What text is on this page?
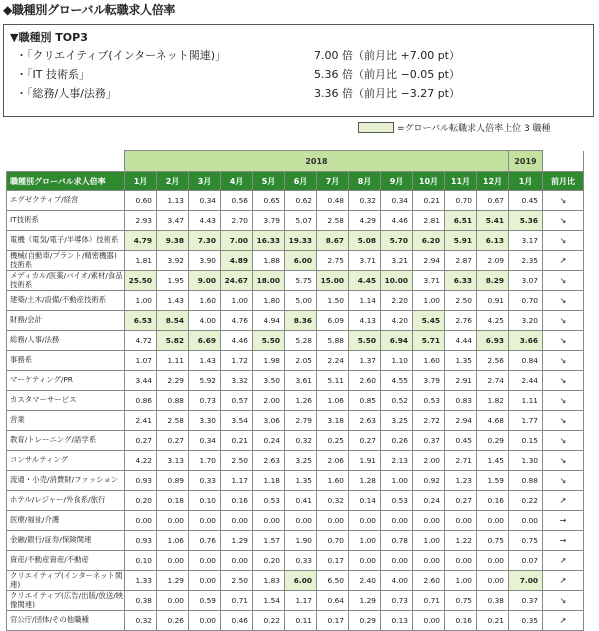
◆職種別グローバル転職求人倍率
▼職種別 TOP3
・「クリエイティブ(インターネット関連)」	7.00 倍（前月比 +7.00 pt）
・「IT 技術系」	5.36 倍（前月比 −0.05 pt）
・「総務/人事/法務」	3.36 倍（前月比 −3.27 pt）
=グローバル転職求人倍率上位 3 職種
	2018												2019	
職種別グローバル求人倍率	1月	2月	3月	4月	5月	6月	7月	8月	9月	10月	11月	12月	1月	前月比
エグゼクティブ/経営	0.60	1.13	0.34	0.56	0.65	0.62	0.48	0.32	0.34	0.21	0.70	0.67	0.45	↘
IT技術系	2.93	3.47	4.43	2.70	3.79	5.07	2.58	4.29	4.46	2.81	6.51	5.41	5.36	↘
電機（電気/電子/半導体）技術系	4.79	9.38	7.30	7.00	16.33	19.33	8.67	5.08	5.70	6.20	5.91	6.13	3.17	↘
機械(自動車/プラント/精密機器)技術系	1.81	3.92	3.90	4.89	1.88	6.00	2.75	3.71	3.21	2.94	2.87	2.09	2.35	↗
メディカル/医薬/バイオ/素材/食品技術系	25.50	1.95	9.00	24.67	18.00	5.75	15.00	4.45	10.00	3.71	6.33	8.29	3.07	↘
建築/土木/設備/不動産技術系	1.00	1.43	1.60	1.00	1.80	5.00	1.50	1.14	2.20	1.00	2.50	0.91	0.70	↘
財務/会計	6.53	8.54	4.00	4.76	4.94	8.36	6.09	4.13	4.20	5.45	2.76	4.25	3.20	↘
総務/人事/法務	4.72	5.82	6.69	4.46	5.50	5.28	5.88	5.50	6.94	5.71	4.44	6.93	3.66	↘
事務系	1.07	1.11	1.43	1.72	1.98	2.05	2.24	1.37	1.10	1.60	1.35	2.56	0.84	↘
マーケティング/PR	3.44	2.29	5.92	3.32	3.50	3.61	5.11	2.60	4.55	3.79	2.91	2.74	2.44	↘
カスタマーサービス	0.86	0.88	0.73	0.57	2.00	1.26	1.06	0.85	0.52	0.53	0.83	1.82	1.11	↘
営業	2.41	2.58	3.30	3.54	3.06	2.79	3.18	2.63	3.25	2.72	2.94	4.68	1.77	↘
教育/トレーニング/語学系	0.27	0.27	0.34	0.21	0.24	0.32	0.25	0.27	0.26	0.37	0.45	0.29	0.15	↘
コンサルティング	4.22	3.13	1.70	2.50	2.63	3.25	2.06	1.91	2.13	2.00	2.71	1.45	1.30	↘
流通・小売/消費財/ファッション	0.93	0.89	0.33	1.17	1.18	1.35	1.60	1.28	1.00	0.92	1.23	1.59	0.88	↘
ホテル/レジャー/外食系/旅行	0.20	0.18	0.10	0.16	0.53	0.41	0.32	0.14	0.53	0.24	0.27	0.16	0.22	↗
医療/福祉/介護	0.00	0.00	0.00	0.00	0.00	0.00	0.00	0.00	0.00	0.00	0.00	0.00	0.00	→
金融/銀行/証券/保険関連	0.93	1.06	0.76	1.29	1.57	1.90	0.70	1.00	0.78	1.00	1.22	0.75	0.75	→
資産/不動産資産/不動産	0.10	0.00	0.00	0.00	0.20	0.33	0.17	0.00	0.00	0.00	0.00	0.00	0.07	↗
クリエイティブ(インターネット関連)	1.33	1.29	0.00	2.50	1.83	6.00	6.50	2.40	4.00	2.60	1.00	0.00	7.00	↗
クリエイティブ(広告/出版/放送/映像関連)	0.38	0.00	0.59	0.71	1.54	1.17	0.64	1.29	0.73	0.71	0.75	0.38	0.37	↘
官公庁/団体/その他職種	0.32	0.26	0.00	0.46	0.22	0.11	0.17	0.29	0.13	0.00	0.16	0.21	0.35	↗
